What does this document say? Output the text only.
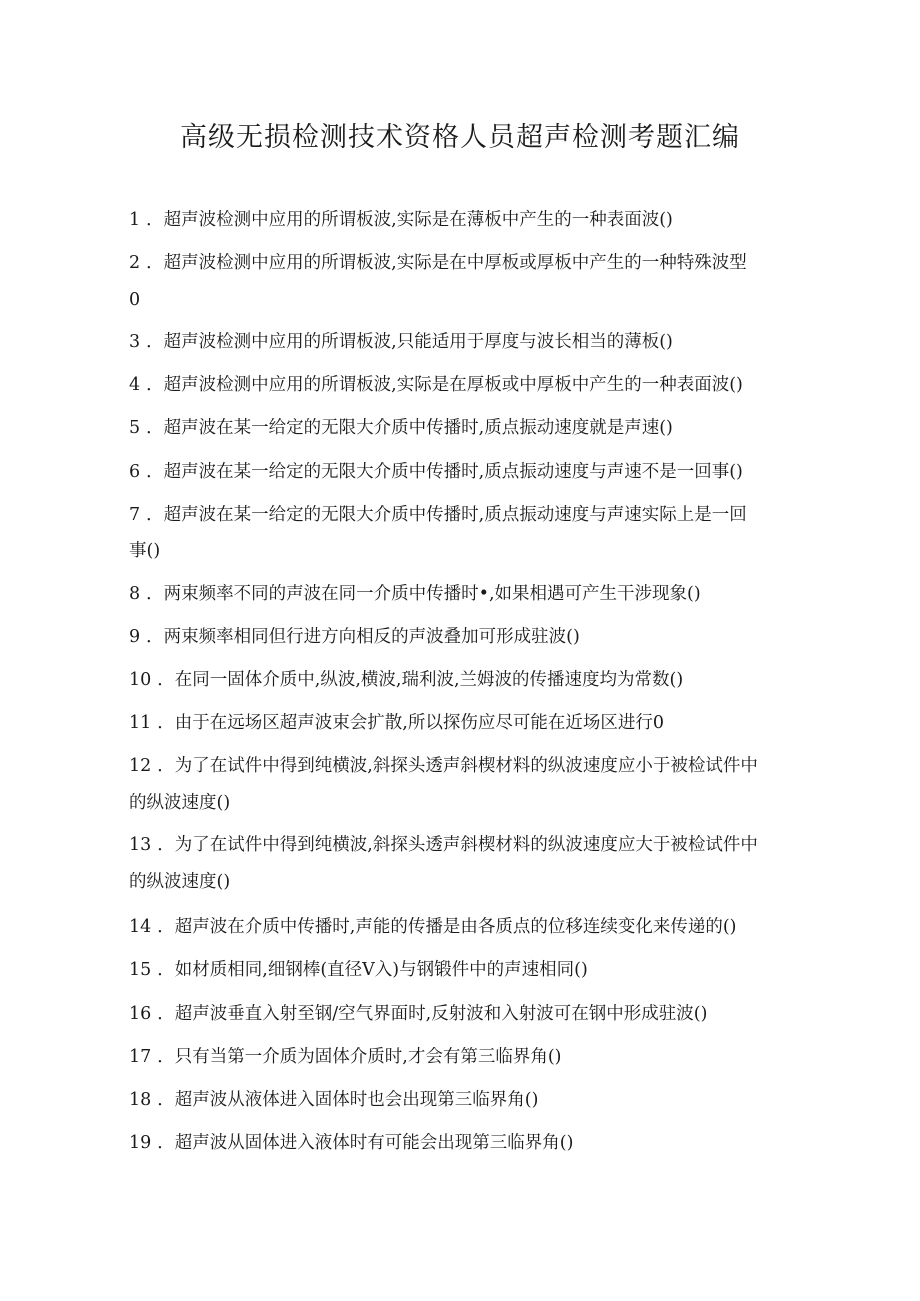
高级无损检测技术资格人员超声检测考题汇编
1 ．超声波检测中应用的所谓板波,实际是在薄板中产生的一种表面波()
2 ．超声波检测中应用的所谓板波,实际是在中厚板或厚板中产生的一种特殊波型
0
3 ．超声波检测中应用的所谓板波,只能适用于厚度与波长相当的薄板()
4 ．超声波检测中应用的所谓板波,实际是在厚板或中厚板中产生的一种表面波()
5 ．超声波在某一给定的无限大介质中传播时,质点振动速度就是声速()
6 ．超声波在某一给定的无限大介质中传播时,质点振动速度与声速不是一回事()
7 ．超声波在某一给定的无限大介质中传播时,质点振动速度与声速实际上是一回
事()
8 ．两束频率不同的声波在同一介质中传播时•,如果相遇可产生干涉现象()
9 ．两束频率相同但行进方向相反的声波叠加可形成驻波()
10 ．在同一固体介质中,纵波,横波,瑞利波,兰姆波的传播速度均为常数()
11 ．由于在远场区超声波束会扩散,所以探伤应尽可能在近场区进行0
12 ．为了在试件中得到纯横波,斜探头透声斜楔材料的纵波速度应小于被检试件中
的纵波速度()
13 ．为了在试件中得到纯横波,斜探头透声斜楔材料的纵波速度应大于被检试件中
的纵波速度()
14 ．超声波在介质中传播时,声能的传播是由各质点的位移连续变化来传递的()
15 ．如材质相同,细钢棒(直径Ⅴ入)与钢锻件中的声速相同()
16 ．超声波垂直入射至钢/空气界面时,反射波和入射波可在钢中形成驻波()
17 ．只有当第一介质为固体介质时,才会有第三临界角()
18 ．超声波从液体进入固体时也会出现第三临界角()
19 ．超声波从固体进入液体时有可能会出现第三临界角()
